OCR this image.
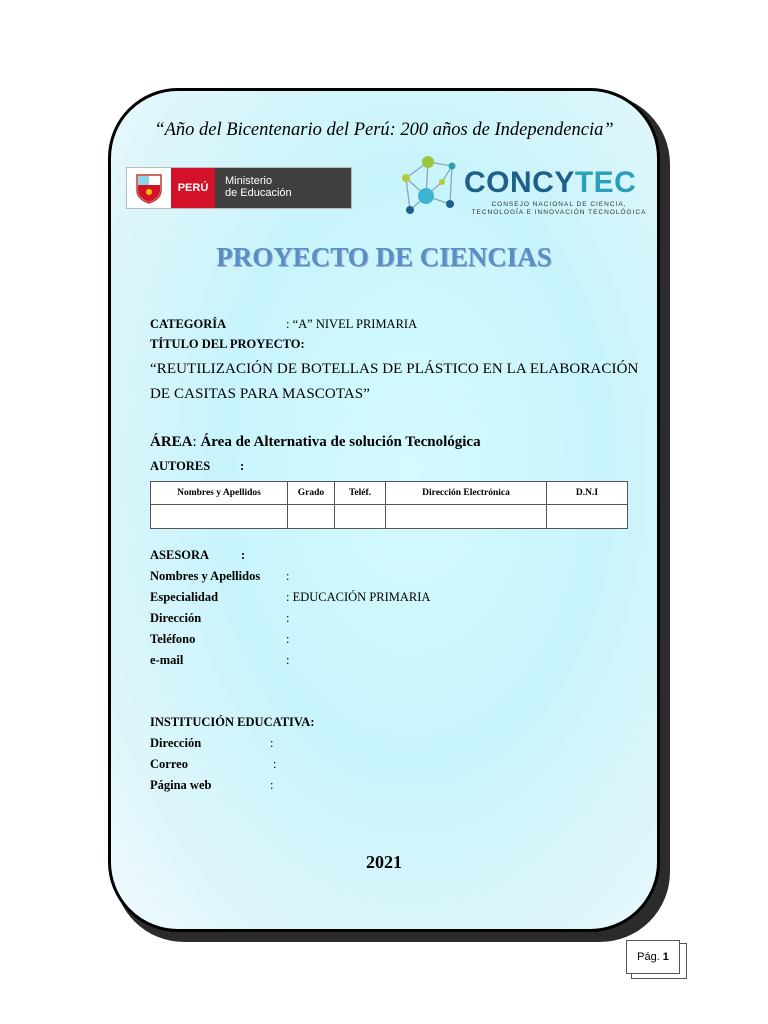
“Año del Bicentenario del Perú: 200 años de Independencia”
PERÚ
Ministerio
de Educación	CONCYTEC
CONSEJO NACIONAL DE CIENCIA,
TECNOLOGÍA E INNOVACIÓN TECNOLÓGICA
PROYECTO DE CIENCIAS
CATEGORÍA	: “A” NIVEL PRIMARIA
TÍTULO DEL PROYECTO:
“REUTILIZACIÓN DE BOTELLAS DE PLÁSTICO EN LA ELABORACIÓN
DE CASITAS PARA MASCOTAS”
ÁREA: Área de Alternativa de solución Tecnológica
AUTORES :
Nombres y Apellidos	Grado	Teléf.	Dirección Electrónica	D.N.I

ASESORA	:
Nombres y Apellidos :
Especialidad	: EDUCACIÓN PRIMARIA
Dirección	:
Teléfono	:
e-mail	:
INSTITUCIÓN EDUCATIVA:
Dirección	:
Correo	:
Página web	:
2021
Pág. 1
